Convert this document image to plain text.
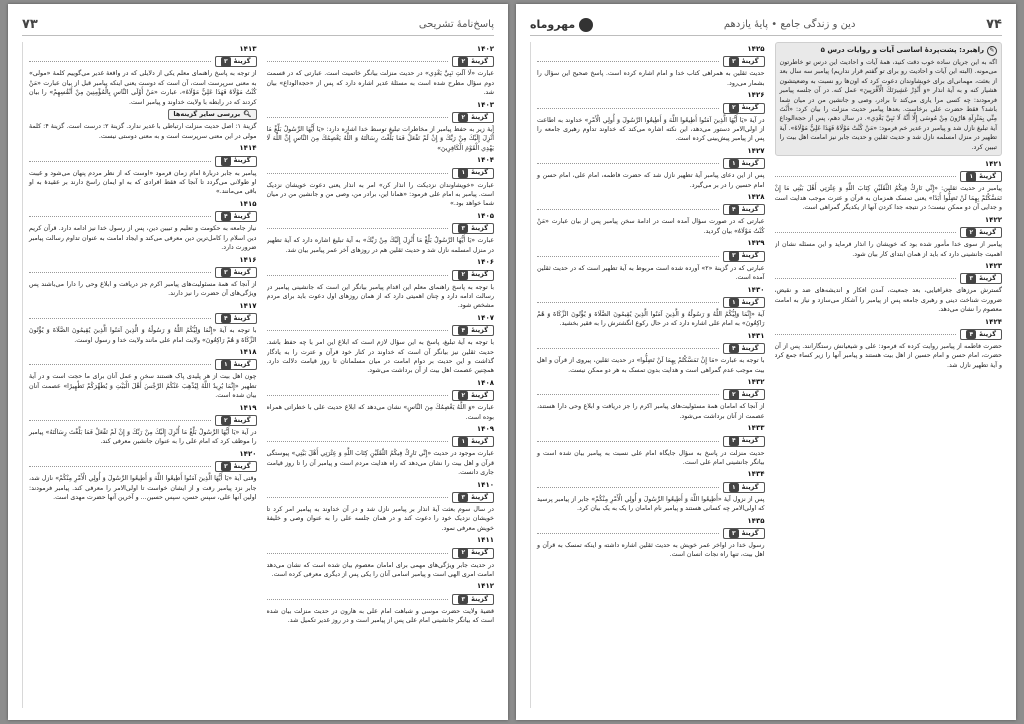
پاسخ‌نامهٔ تشریحی
۷۳
۱۴۰۲
گزینهٔ
۲
عبارت «لَا آلَتِ نَبِيَّ بَعْدِي» در حدیث منزلت بیانگر خاتمیت است. عبارتی که در قسمت دوم سؤال مطرح شده است به مسئلهٔ غدیر اشاره دارد که پس از «حجةالوداع» بیان شد.
۱۴۰۳
گزینهٔ
۲
آیهٔ زیر به حفظ پیامبر از مخاطرات تبلیغ توسط خدا اشاره دارد: «يَا أَيُّهَا الرَّسُولُ بَلِّغْ مَا أُنْزِلَ إِلَيْكَ مِنْ رَبِّكَ وَ إِنْ لَمْ تَفْعَلْ فَمَا بَلَّغْتَ رِسَالَتَهُ وَ اللَّهُ يَعْصِمُكَ مِنَ النَّاسِ إِنَّ اللَّهَ لَا يَهْدِي الْقَوْمَ الْكَافِرِينَ»
۱۴۰۴
گزینهٔ
۱
عبارت «خویشاوندان نزدیکت را انذار کن» امر به انذار یعنی دعوت خویشان نزدیک است. پیامبر به امام علی فرمود: «همانا این، برادر من، وصی من و جانشین من در میان شما خواهد بود.»
۱۴۰۵
گزینهٔ
۳
عبارت «يَا أَيُّهَا الرَّسُولُ بَلِّغْ مَا أُنْزِلَ إِلَيْكَ مِنْ رَبِّكَ» به آیهٔ تبلیغ اشاره دارد که آیهٔ تطهیر در منزل امسلمه نازل شد و حدیث ثقلین هم در روزهای آخر عمر پیامبر بیان شد.
۱۴۰۶
گزینهٔ
۲
با توجه به پاسخ راهنمای معلم این اقدام پیامبر بیانگر این است که جانشینی پیامبر در رسالت ادامه دارد و چنان اهمیتی دارد که از همان روزهای اول دعوت باید برای مردم مشخص شود.
۱۴۰۷
گزینهٔ
۴
با توجه به آیهٔ تبلیغ، پاسخ به این سؤال لازم است که ابلاغ این امر با چه حفظ باشد. حدیث ثقلین نیز بیانگر آن است که خداوند در کنار خود قرآن و عترت را به یادگار گذاشت و این حدیث بر دوام امامت در میان مسلمانان تا روز قیامت دلالت دارد. همچنین عصمت اهل بیت از آن برداشت می‌شود.
۱۴۰۸
گزینهٔ
۲
عبارت «وَ اللَّهُ يَعْصِمُكَ مِنَ النَّاسِ» نشان می‌دهد که ابلاغ حدیث علی با خطراتی همراه بوده است.
۱۴۰۹
گزینهٔ
۱
عبارت موجود در حدیث «إِنِّي تَارِكٌ فِيكُمُ الثَّقَلَيْنِ كِتَابَ اللَّهِ وَ عِتْرَتِي أَهْلَ بَيْتِي» پیوستگی قرآن و اهل بیت را نشان می‌دهد که راه هدایت مردم است و پیامبر آن را تا روز قیامت جاری دانست.
۱۴۱۰
گزینهٔ
۳
در سال سوم بعثت آیهٔ انذار بر پیامبر نازل شد و در آن خداوند به پیامبر امر کرد تا خویشان نزدیک خود را دعوت کند و در همان جلسه علی را به عنوان وصی و خلیفهٔ خویش معرفی نمود.
۱۴۱۱
گزینهٔ
۲
در حدیث جابر ویژگی‌های مهمی برای امامان معصوم بیان شده است که نشان می‌دهد امامت امری الهی است و پیامبر اسامی آنان را یکی پس از دیگری معرفی کرده است.
۱۴۱۲
گزینهٔ
۳
قضیهٔ ولایت حضرت موسی و شباهت امام علی به هارون در حدیث منزلت بیان شده است که بیانگر جانشینی امام علی پس از پیامبر است و در روز غدیر تکمیل شد.
۱۴۱۳
گزینهٔ
۳
از توجه به پاسخ راهنمای معلم یکی از دلایلی که در واقعهٔ غدیر می‌گوییم کلمهٔ «مولی» به معنی سرپرست است، آن است که دوست یعنی اینکه پیامبر قبل از بیان عبارت «مَنْ كُنْتُ مَوْلَاهُ فَهَذَا عَلِيٌّ مَوْلَاهُ»، عبارت «مَنْ أَوْلَى النَّاسِ بِالْمُؤْمِنِينَ مِنْ أَنْفُسِهِمْ» را بیان کردند که در رابطه با ولایت خداوند و پیامبر است.
🔍︎
بررسی سایر گزینه‌ها
گزینهٔ ۱: اصل حدیث منزلت ارتباطی با غدیر ندارد. گزینهٔ ۲: درست است. گزینهٔ ۴: کلمهٔ مولی در این معنی سرپرست است و به معنی دوستی نیست.
۱۴۱۴
گزینهٔ
۲
پیامبر به جابر دربارهٔ امام زمان فرمود «اوست که از نظر مردم پنهان می‌شود و غیبت او طولانی می‌گردد تا آنجا که فقط افرادی که به او ایمان راسخ دارند بر عقیدهٔ به او باقی می‌مانند.»
۱۴۱۵
گزینهٔ
۴
نیاز جامعه به حکومت و تعلیم و تبیین دین، پس از رسول خدا نیز ادامه دارد. قرآن کریم دین اسلام را کامل‌ترین دین معرفی می‌کند و ایجاد امامت به عنوان تداوم رسالت پیامبر ضرورت دارد.
۱۴۱۶
گزینهٔ
۳
از آنجا که همهٔ مسئولیت‌های پیامبر اکرم جز دریافت و ابلاغ وحی را دارا می‌باشند پس ویژگی‌های آن حضرت را نیز دارند.
۱۴۱۷
گزینهٔ
۴
با توجه به آیهٔ «إِنَّمَا وَلِيُّكُمُ اللَّهُ وَ رَسُولُهُ وَ الَّذِينَ آمَنُوا الَّذِينَ يُقِيمُونَ الصَّلَاةَ وَ يُؤْتُونَ الزَّكَاةَ وَ هُمْ رَاكِعُونَ» ولایت امام علی مانند ولایت خدا و رسول اوست.
۱۴۱۸
گزینهٔ
۱
چون اهل بیت از هر پلیدی پاک هستند سخن و عمل آنان برای ما حجت است و در آیهٔ تطهیر «إِنَّمَا يُرِيدُ اللَّهُ لِيُذْهِبَ عَنْكُمُ الرِّجْسَ أَهْلَ الْبَيْتِ وَ يُطَهِّرَكُمْ تَطْهِيرًا» عصمت آنان بیان شده است.
۱۴۱۹
گزینهٔ
۲
در آیهٔ «يَا أَيُّهَا الرَّسُولُ بَلِّغْ مَا أُنْزِلَ إِلَيْكَ مِنْ رَبِّكَ وَ إِنْ لَمْ تَفْعَلْ فَمَا بَلَّغْتَ رِسَالَتَهُ» پیامبر را موظف کرد که امام علی را به عنوان جانشین معرفی کند.
۱۴۲۰
گزینهٔ
۳
وقتی آیهٔ «يَا أَيُّهَا الَّذِينَ آمَنُوا أَطِيعُوا اللَّهَ وَ أَطِيعُوا الرَّسُولَ وَ أُولِي الْأَمْرِ مِنْكُمْ» نازل شد، جابر نزد پیامبر رفت و از ایشان خواست تا اولی‌الامر را معرفی کند. پیامبر فرمودند: اولین آنها علی، سپس حسن، سپس حسین... و آخرین آنها حضرت مهدی است.
۷۴
دین و زندگی جامع • پایهٔ یازدهم
مهروماه
✎
راهبرد: پشت‌پردهٔ اساسی آیات و روایات درس ۵
اگه به این جریان ساده خوب دقت کنید، همهٔ آیات و احادیث این درس تو خاطرتون می‌مونه. (البته این آیات و احادیث رو برای تو گفتم قرار نداریم) پیامبر سه سال بعد از بعثت، مهمانی‌ای برای خویشاوندان دعوت کرد که اون‌ها رو نسبت به وضعیتشون هشیار کنه و به آیهٔ انذار «وَ أَنْذِرْ عَشِيرَتَكَ الْأَقْرَبِينَ» عمل کنه. در آن جلسه پیامبر فرمودند: چه کسی مرا یاری می‌کند تا برادر، وصی و جانشین من در میان شما باشد؟ فقط حضرت علی برخاست. بعدها پیامبر حدیث منزلت را بیان کرد: «أَنْتَ مِنِّي بِمَنْزِلَةِ هَارُونَ مِنْ مُوسَى إِلَّا أَنَّهُ لَا نَبِيَّ بَعْدِي». در سال دهم، پس از حجةالوداع آیهٔ تبلیغ نازل شد و پیامبر در غدیر خم فرمود: «مَنْ كُنْتُ مَوْلَاهُ فَهَذَا عَلِيٌّ مَوْلَاهُ». آیهٔ تطهیر در منزل امسلمه نازل شد و حدیث ثقلین و حدیث جابر نیز امامت اهل بیت را تبیین کرد.
۱۴۲۱
گزینهٔ
۱
پیامبر در حدیث ثقلین: «إِنِّي تَارِكٌ فِيكُمُ الثَّقَلَيْنِ كِتَابَ اللَّهِ وَ عِتْرَتِي أَهْلَ بَيْتِي مَا إِنْ تَمَسَّكْتُمْ بِهِمَا لَنْ تَضِلُّوا أَبَدًا» یعنی تمسک همزمان به قرآن و عترت موجب هدایت است و جدایی آن دو ممکن نیست؛ در نتیجه جدا کردن آنها از یکدیگر گمراهی است.
۱۴۲۲
گزینهٔ
۲
پیامبر از سوی خدا مأمور شده بود که خویشان را انذار فرماید و این مسئله نشان از اهمیت جانشینی دارد که باید از همان ابتدای کار بیان شود.
۱۴۲۳
گزینهٔ
۳
گسترش مرزهای جغرافیایی، بعد جمعیت، آمدن افکار و اندیشه‌های ضد و نقیض، ضرورت شناخت دینی و رهبری جامعه پس از پیامبر را آشکار می‌سازد و نیاز به امامت معصوم را نشان می‌دهد.
۱۴۲۴
گزینهٔ
۴
حضرت فاطمه از پیامبر روایت کرده که فرمود: علی و شیعیانش رستگارانند. پس از آن حضرت، امام حسن و امام حسین از اهل بیت هستند و پیامبر آنها را زیر کساء جمع کرد و آیهٔ تطهیر نازل شد.
۱۴۲۵
گزینهٔ
۳
حدیث ثقلین به همراهی کتاب خدا و امام اشاره کرده است. پاسخ صحیح این سؤال را بشمار می‌رود.
۱۴۲۶
گزینهٔ
۲
در آیهٔ «يَا أَيُّهَا الَّذِينَ آمَنُوا أَطِيعُوا اللَّهَ وَ أَطِيعُوا الرَّسُولَ وَ أُولِي الْأَمْرِ» خداوند به اطاعت از اولی‌الامر دستور می‌دهد، این نکته اشاره می‌کند که خداوند تداوم رهبری جامعه را پس از پیامبر پیش‌بینی کرده است.
۱۴۲۷
گزینهٔ
۱
پس از این دعای پیامبر آیهٔ تطهیر نازل شد که حضرت فاطمه، امام علی، امام حسن و امام حسین را در بر می‌گیرد.
۱۴۲۸
گزینهٔ
۴
عبارتی که در صورت سؤال آمده است در ادامهٔ سخن پیامبر پس از بیان عبارت «مَنْ كُنْتُ مَوْلَاهُ» بیان گردید.
۱۴۲۹
گزینهٔ
۳
عبارتی که در گزینهٔ «۲» آورده شده است مربوط به آیهٔ تطهیر است که در حدیث ثقلین آمده است.
۱۴۳۰
گزینهٔ
۱
آیهٔ «إِنَّمَا وَلِيُّكُمُ اللَّهُ وَ رَسُولُهُ وَ الَّذِينَ آمَنُوا الَّذِينَ يُقِيمُونَ الصَّلَاةَ وَ يُؤْتُونَ الزَّكَاةَ وَ هُمْ رَاكِعُونَ» به امام علی اشاره دارد که در حال رکوع انگشترش را به فقیر بخشید.
۱۴۳۱
گزینهٔ
۴
با توجه به عبارت «مَا إِنْ تَمَسَّكْتُمْ بِهِمَا لَنْ تَضِلُّوا» در حدیث ثقلین، پیروی از قرآن و اهل بیت موجب عدم گمراهی است و هدایت بدون تمسک به هر دو ممکن نیست.
۱۴۳۲
گزینهٔ
۲
از آنجا که امامان همهٔ مسئولیت‌های پیامبر اکرم را جز دریافت و ابلاغ وحی دارا هستند، عصمت از آنان برداشت می‌شود.
۱۴۳۳
گزینهٔ
۴
حدیث منزلت در پاسخ به سؤال جایگاه امام علی نسبت به پیامبر بیان شده است و بیانگر جانشینی امام علی است.
۱۴۳۴
گزینهٔ
۱
پس از نزول آیهٔ «أَطِيعُوا اللَّهَ وَ أَطِيعُوا الرَّسُولَ وَ أُولِي الْأَمْرِ مِنْكُمْ» جابر از پیامبر پرسید که اولی‌الامر چه کسانی هستند و پیامبر نام امامان را یک به یک بیان کرد.
۱۴۳۵
گزینهٔ
۳
رسول خدا در اواخر عمر خویش به حدیث ثقلین اشاره داشته و اینکه تمسک به قرآن و اهل بیت، تنها راه نجات انسان است.
